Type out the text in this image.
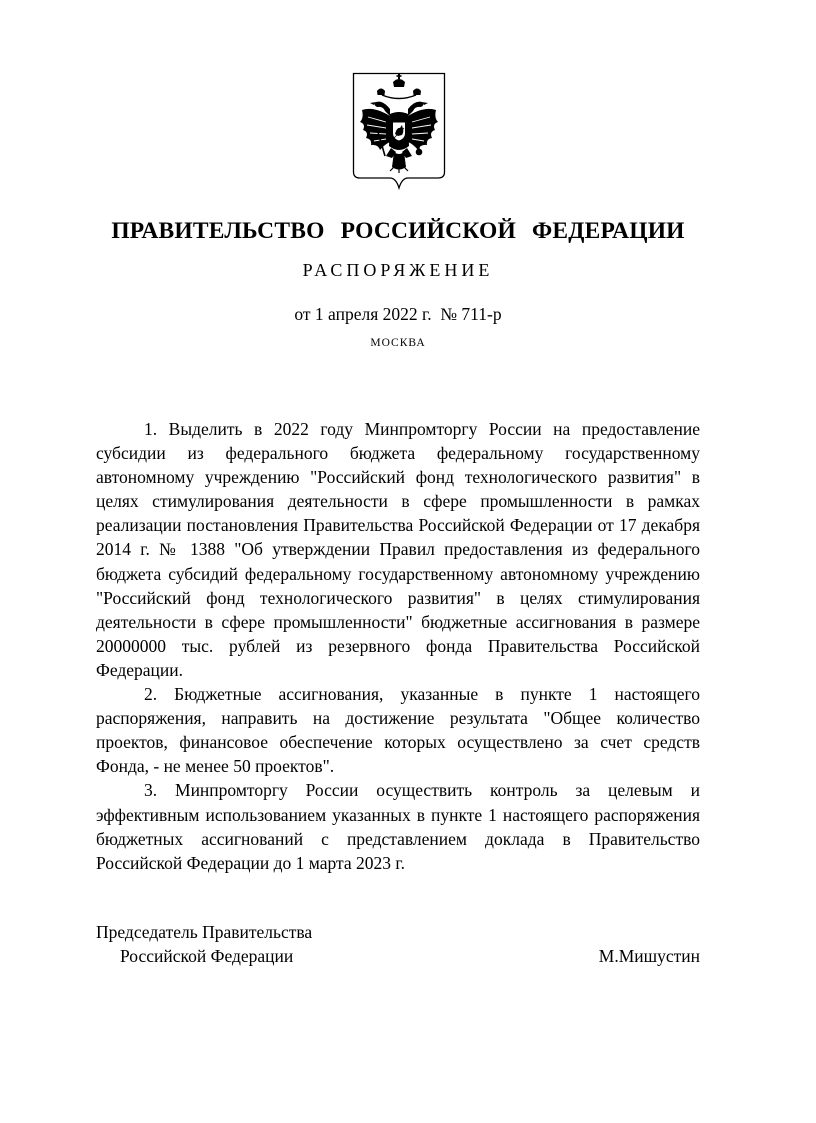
ПРАВИТЕЛЬСТВО РОССИЙСКОЙ ФЕДЕРАЦИИ
РАСПОРЯЖЕНИЕ
от 1 апреля 2022 г.  № 711-р
МОСКВА

1. Выделить в 2022 году Минпромторгу России на предоставление субсидии из федерального бюджета федеральному государственному автономному учреждению "Российский фонд технологического развития" в целях стимулирования деятельности в сфере промышленности в рамках реализации постановления Правительства Российской Федерации от 17 декабря 2014 г. № 1388 "Об утверждении Правил предоставления из федерального бюджета субсидий федеральному государственному автономному учреждению "Российский фонд технологического развития" в целях стимулирования деятельности в сфере промышленности" бюджетные ассигнования в размере 20000000 тыс. рублей из резервного фонда Правительства Российской Федерации.

2. Бюджетные ассигнования, указанные в пункте 1 настоящего распоряжения, направить на достижение результата "Общее количество проектов, финансовое обеспечение которых осуществлено за счет средств Фонда, - не менее 50 проектов".

3. Минпромторгу России осуществить контроль за целевым и эффективным использованием указанных в пункте 1 настоящего распоряжения бюджетных ассигнований с представлением доклада в Правительство Российской Федерации до 1 марта 2023 г.

Председатель Правительства
Российской Федерации	М.Мишустин
